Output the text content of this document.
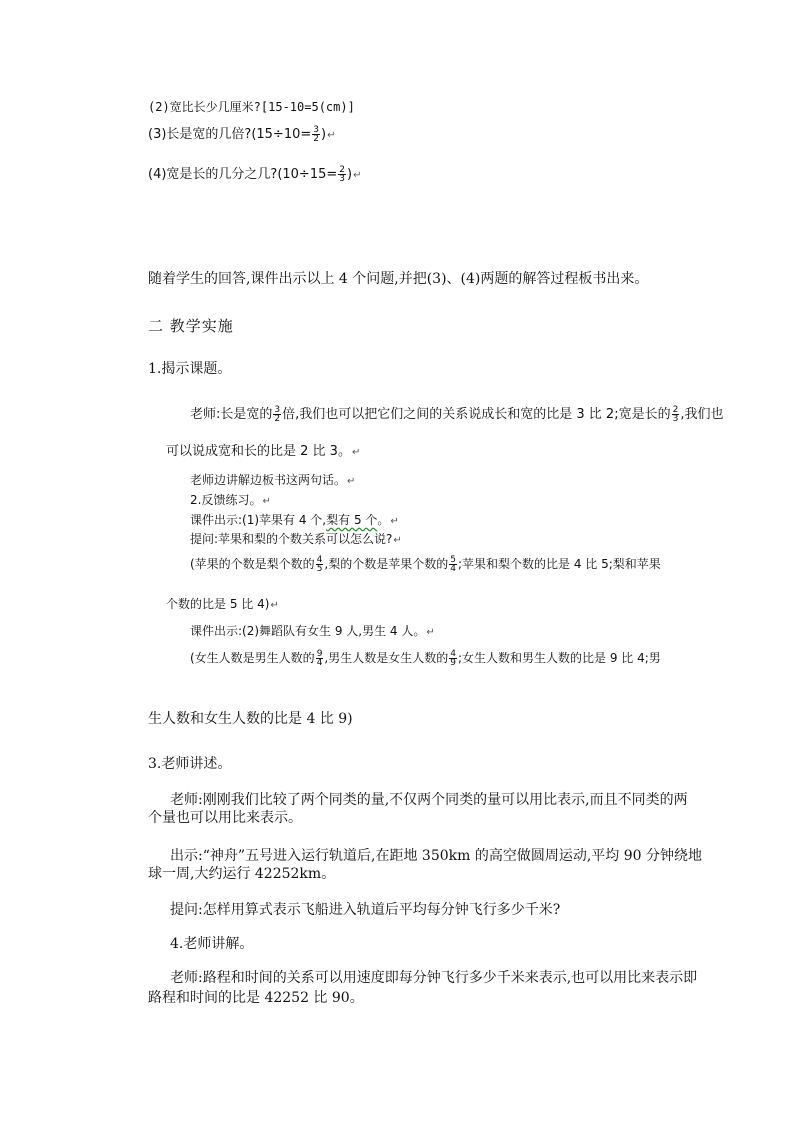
(2)宽比长少几厘米?[15-10=5(cm)]
(3)长是宽的几倍?(15÷10= $\frac{3}{2}$ )↵
(4)宽是长的几分之几?(10÷15= $\frac{2}{3}$ )↵
随着学生的回答,课件出示以上 4 个问题,并把(3)、(4)两题的解答过程板书出来。
二 教学实施
1.揭示课题。
老师:长是宽的 $\frac{3}{2}$ 倍,我们也可以把它们之间的关系说成长和宽的比是 3 比 2;宽是长的 $\frac{2}{3}$ ,我们也
可以说成宽和长的比是 2 比 3。↵
老师边讲解边板书这两句话。↵
2.反馈练习。↵
课件出示:(1)苹果有 4 个,梨有 5 个。↵
提问:苹果和梨的个数关系可以怎么说?↵
(苹果的个数是梨个数的 $\frac{4}{5}$ ,梨的个数是苹果个数的 $\frac{5}{4}$ ;苹果和梨个数的比是 4 比 5;梨和苹果
个数的比是 5 比 4)↵
课件出示:(2)舞蹈队有女生 9 人,男生 4 人。↵
(女生人数是男生人数的 $\frac{9}{4}$ ,男生人数是女生人数的 $\frac{4}{9}$ ;女生人数和男生人数的比是 9 比 4;男
生人数和女生人数的比是 4 比 9)
3.老师讲述。
老师:刚刚我们比较了两个同类的量,不仅两个同类的量可以用比表示,而且不同类的两
个量也可以用比来表示。
出示:“神舟”五号进入运行轨道后,在距地 350km 的高空做圆周运动,平均 90 分钟绕地
球一周,大约运行 42252km。
提问:怎样用算式表示飞船进入轨道后平均每分钟飞行多少千米?
4.老师讲解。
老师:路程和时间的关系可以用速度即每分钟飞行多少千米来表示,也可以用比来表示即
路程和时间的比是 42252 比 90。
